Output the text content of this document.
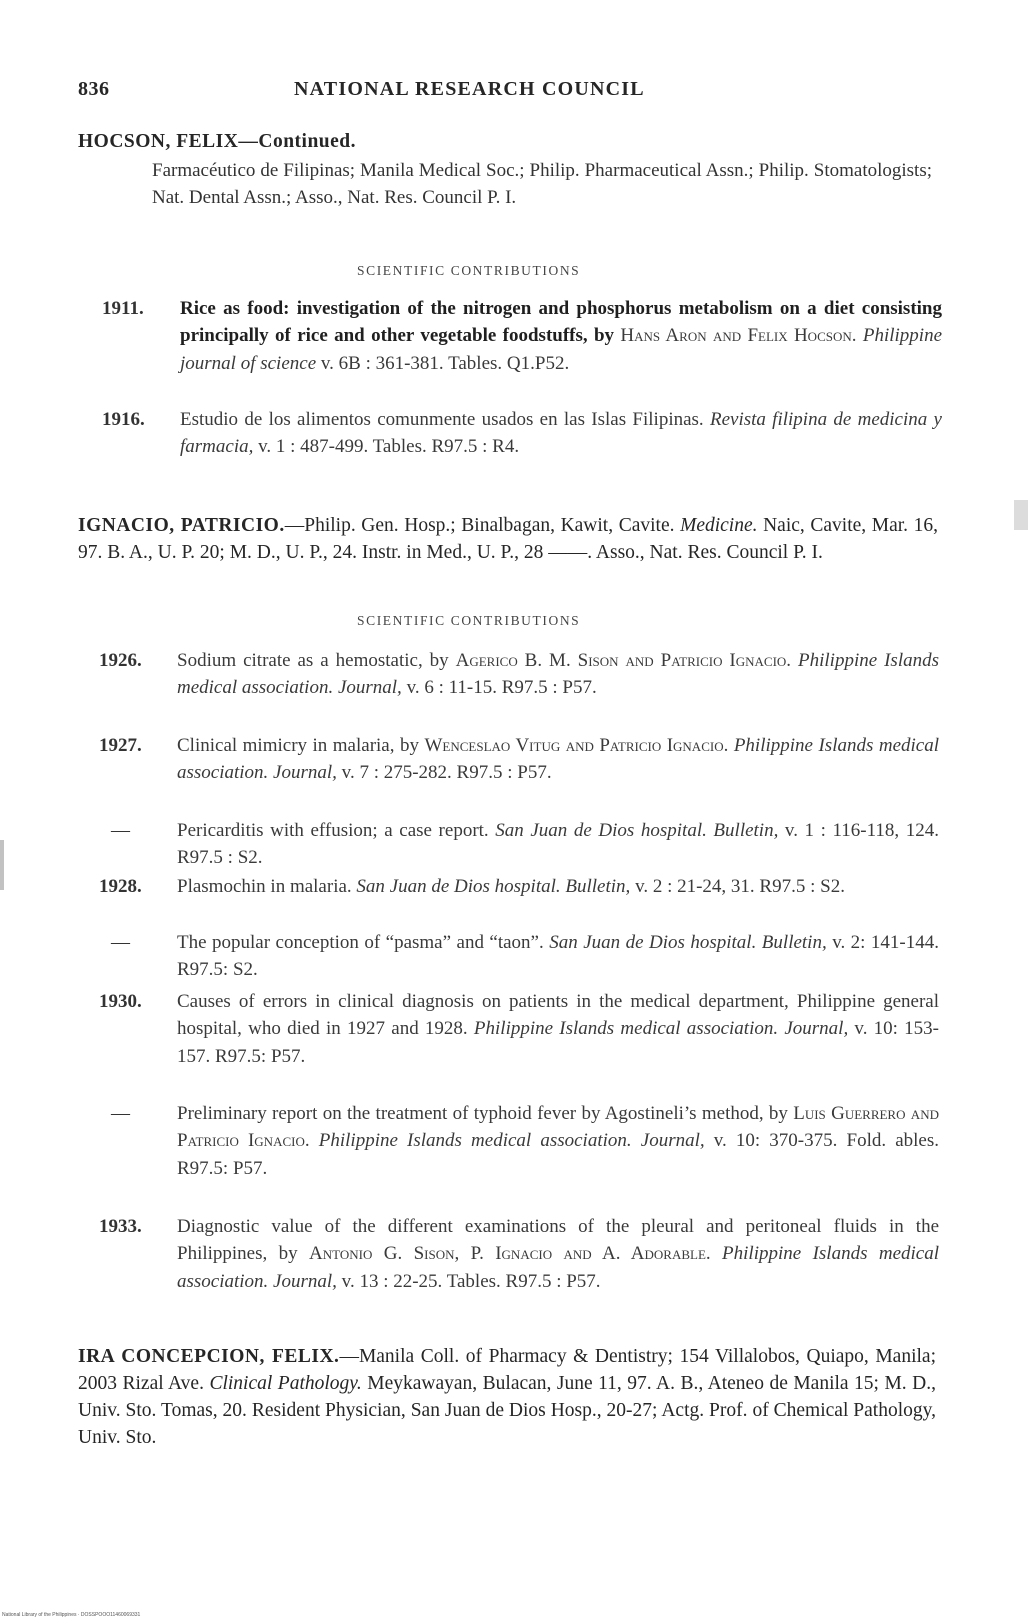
836	NATIONAL RESEARCH COUNCIL
HOCSON, FELIX—Continued.
Farmacéutico de Filipinas; Manila Medical Soc.; Philip. Pharmaceutical Assn.; Philip. Stomatologists; Nat. Dental Assn.; Asso., Nat. Res. Council P. I.
SCIENTIFIC CONTRIBUTIONS
1911. Rice as food: investigation of the nitrogen and phosphorus metabolism on a diet consisting principally of rice and other vegetable foodstuffs, by Hans Aron and Felix Hocson. Philippine journal of science v. 6B : 361-381. Tables. Q1.P52.
1916. Estudio de los alimentos comunmente usados en las Islas Filipinas. Revista filipina de medicina y farmacia, v. 1 : 487-499. Tables. R97.5 : R4.
IGNACIO, PATRICIO.—Philip. Gen. Hosp.; Binalbagan, Kawit, Cavite. Medicine. Naic, Cavite, Mar. 16, 97. B. A., U. P. 20; M. D., U. P., 24. Instr. in Med., U. P., 28 ——. Asso., Nat. Res. Council P. I.
SCIENTIFIC CONTRIBUTIONS
1926. Sodium citrate as a hemostatic, by Agerico B. M. Sison and Patricio Ignacio. Philippine Islands medical association. Journal, v. 6 : 11-15. R97.5 : P57.
1927. Clinical mimicry in malaria, by Wenceslao Vitug and Patricio Ignacio. Philippine Islands medical association. Journal, v. 7 : 275-282. R97.5 : P57.
— Pericarditis with effusion; a case report. San Juan de Dios hospital. Bulletin, v. 1 : 116-118, 124. R97.5 : S2.
1928. Plasmochin in malaria. San Juan de Dios hospital. Bulletin, v. 2 : 21-24, 31. R97.5 : S2.
— The popular conception of “pasma” and “taon”. San Juan de Dios hospital. Bulletin, v. 2: 141-144. R97.5: S2.
1930. Causes of errors in clinical diagnosis on patients in the medical department, Philippine general hospital, who died in 1927 and 1928. Philippine Islands medical association. Journal, v. 10: 153-157. R97.5: P57.
— Preliminary report on the treatment of typhoid fever by Agostineli’s method, by Luis Guerrero and Patricio Ignacio. Philippine Islands medical association. Journal, v. 10: 370-375. Fold. ables. R97.5: P57.
1933. Diagnostic value of the different examinations of the pleural and peritoneal fluids in the Philippines, by Antonio G. Sison, P. Ignacio and A. Adorable. Philippine Islands medical association. Journal, v. 13 : 22-25. Tables. R97.5 : P57.
IRA CONCEPCION, FELIX.—Manila Coll. of Pharmacy & Dentistry; 154 Villalobos, Quiapo, Manila; 2003 Rizal Ave. Clinical Pathology. Meykawayan, Bulacan, June 11, 97. A. B., Ateneo de Manila 15; M. D., Univ. Sto. Tomas, 20. Resident Physician, San Juan de Dios Hosp., 20-27; Actg. Prof. of Chemical Pathology, Univ. Sto.
National Library of the Philippines · DOSSPOOO11460069331
